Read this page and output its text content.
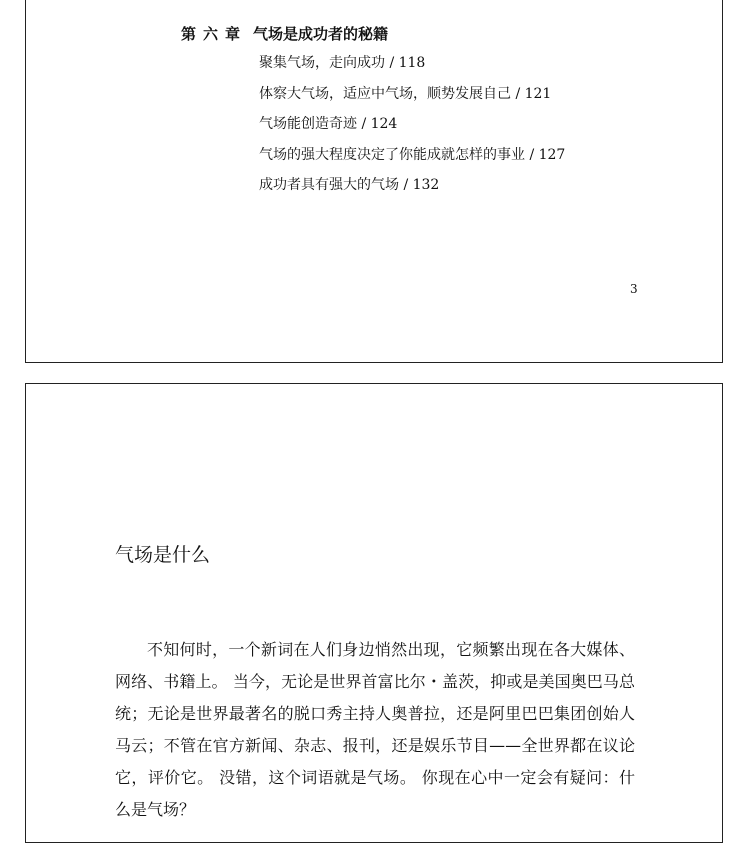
第六章 气场是成功者的秘籍
聚集气场，走向成功 / 118
体察大气场，适应中气场，顺势发展自己 / 121
气场能创造奇迹 / 124
气场的强大程度决定了你能成就怎样的事业 / 127
成功者具有强大的气场 / 132
3
气场是什么

不知何时，一个新词在人们身边悄然出现，它频繁出现在各大媒体、网络、书籍上。 当今，无论是世界首富比尔・盖茨，抑或是美国奥巴马总统；无论是世界最著名的脱口秀主持人奥普拉，还是阿里巴巴集团创始人马云；不管在官方新闻、杂志、报刊，还是娱乐节目——全世界都在议论它，评价它。 没错，这个词语就是气场。 你现在心中一定会有疑问：什么是气场？
